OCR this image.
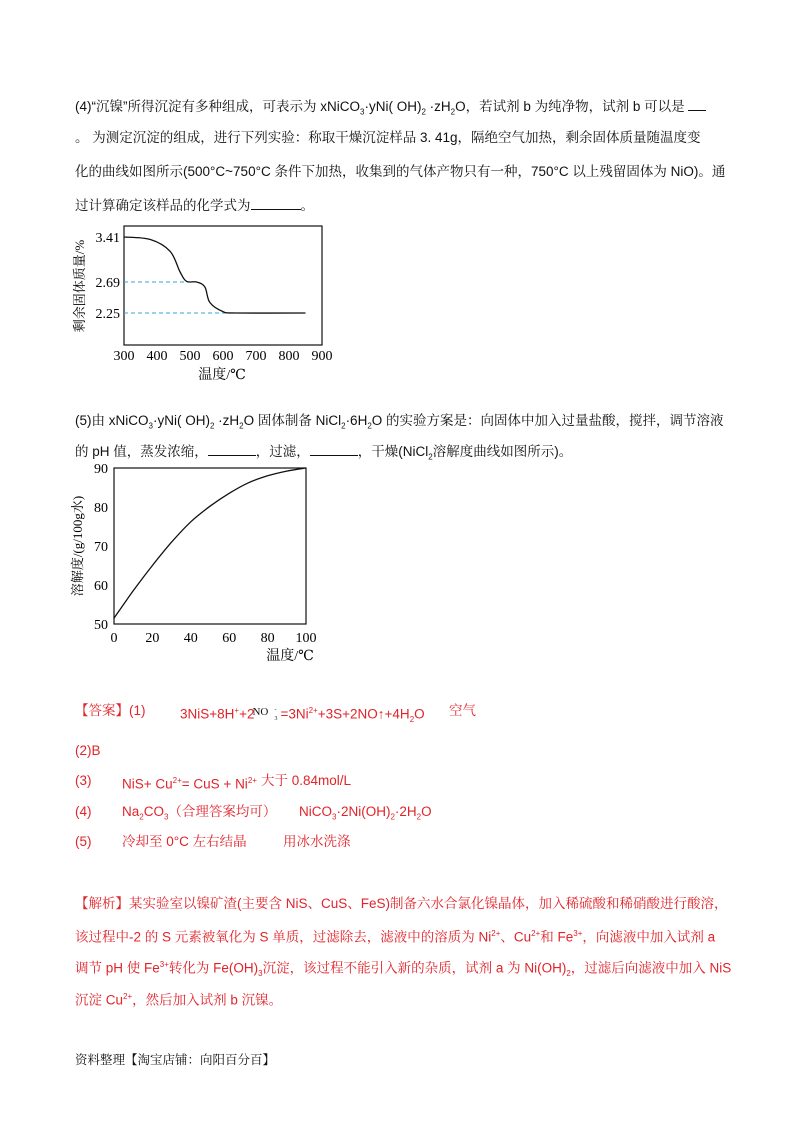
(4)“沉镍”所得沉淀有多种组成，可表示为 xNiCO$_3$·yNi( $OH)_2 \cdot zH_2O$，若试剂 b 为纯净物，试剂 b 可以是
。 为测定沉淀的组成，进行下列实验：称取干燥沉淀样品 3. 41g，隔绝空气加热，剩余固体质量随温度变
化的曲线如图所示(500°C~750°C 条件下加热，收集到的气体产物只有一种，750°C 以上残留固体为 NiO)。通
过计算确定该样品的化学式为	。
3.41
2.69
2.25
300 400 500 600 700 800 900
温度/℃
剩余固体质量/%
(5)由 xNiCO$_3$·yNi( $OH)_2 \cdot zH_2O$ 固体制备 $NiCl_2\cdot 6H_2O$ 的实验方案是：向固体中加入过量盐酸，搅拌，调节溶液
的 pH 值，蒸发浓缩，	，过滤，	，干燥(NiCl$_2$溶解度曲线如图所示)。
50
60
70
80
90
0 20 40 60 80 100
温度/℃
溶解度/(g/100g水)
【答案】(1)	3NiS+8H++2
NO -
$3 =3Ni^{2+}+3S+2NO↑+4H_2O$ 空气
(2)B
(3) $NiS+ Cu^{2+}=$ CuS + $Ni^{2+}$ 大于 0.84mol/L
(4) $Na_2CO_3$（合理答案均可） $NiCO_3\cdot 2Ni(OH)_2\cdot 2H_2O$
(5) 冷却至 0°C 左右结晶	用冰水洗涤
【解析】某实验室以镍矿渣(主要含 NiS、CuS、FeS)制备六水合氯化镍晶体，加入稀硫酸和稀硝酸进行酸溶，
该过程中-2 的 S 元素被氧化为 S 单质，过滤除去，滤液中的溶质为 $Ni^{2+}$、$Cu^{2+}$和 $Fe^{3+}$，向滤液中加入试剂 a
调节 pH 使 $Fe^{3+}$转化为 $Fe(OH)_3$沉淀，该过程不能引入新的杂质，试剂 a 为 $Ni(OH)_2$，过滤后向滤液中加入 NiS
沉淀 $Cu^{2+}$，然后加入试剂 b 沉镍。
资料整理【淘宝店铺：向阳百分百】
